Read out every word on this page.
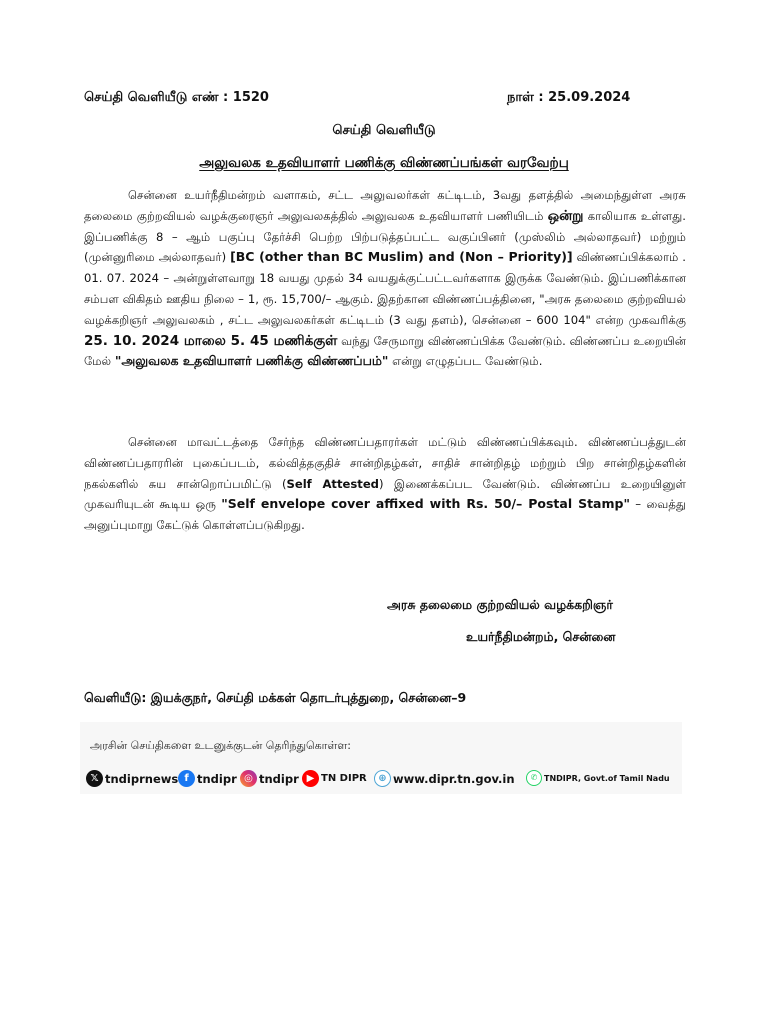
செய்தி வெளியீடு எண் : 1520	நாள் : 25.09.2024
செய்தி வெளியீடு
அலுவலக உதவியாளர் பணிக்கு விண்ணப்பங்கள் வரவேற்பு

சென்னை உயர்நீதிமன்றம் வளாகம், சட்ட அலுவலர்கள் கட்டிடம், 3வது தளத்தில் அமைந்துள்ள அரசு தலைமை குற்றவியல் வழக்குரைஞர் அலுவலகத்தில் அலுவலக உதவியாளர் பணியிடம் ஒன்று காலியாக உள்ளது. இப்பணிக்கு 8 – ஆம் பகுப்பு தேர்ச்சி பெற்ற பிற்படுத்தப்பட்ட வகுப்பினர் (முஸ்லிம் அல்லாதவர்) மற்றும் (முன்னுரிமை அல்லாதவர்) [BC (other than BC Muslim) and (Non – Priority)] விண்ணப்பிக்கலாம் . 01. 07. 2024 – அன்றுள்ளவாறு 18 வயது முதல் 34 வயதுக்குட்பட்டவர்களாக இருக்க வேண்டும். இப்பணிக்கான சம்பள விகிதம் ஊதிய நிலை – 1, ரூ. 15,700/– ஆகும். இதற்கான விண்ணப்பத்தினை, "அரசு தலைமை குற்றவியல் வழக்கறிஞர் அலுவலகம் , சட்ட அலுவலகர்கள் கட்டிடம் (3 வது தளம்), சென்னை – 600 104" என்ற முகவரிக்கு 25. 10. 2024 மாலை 5. 45 மணிக்குள் வந்து சேருமாறு விண்ணப்பிக்க வேண்டும். விண்ணப்ப உறையின் மேல் "அலுவலக உதவியாளர் பணிக்கு விண்ணப்பம்" என்று எழுதப்பட வேண்டும்.

சென்னை மாவட்டத்தை சேர்ந்த விண்ணப்பதாரர்கள் மட்டும் விண்ணப்பிக்கவும். விண்ணப்பத்துடன் விண்ணப்பதாரரின் புகைப்படம், கல்வித்தகுதிச் சான்றிதழ்கள், சாதிச் சான்றிதழ் மற்றும் பிற சான்றிதழ்களின் நகல்களில் சுய சான்றொப்பமிட்டு (Self Attested) இணைக்கப்பட வேண்டும். விண்ணப்ப உறையினுள் முகவரியுடன் கூடிய ஒரு "Self envelope cover affixed with Rs. 50/– Postal Stamp" – வைத்து அனுப்புமாறு கேட்டுக் கொள்ளப்படுகிறது.

அரசு தலைமை குற்றவியல் வழக்கறிஞர்
உயர்நீதிமன்றம், சென்னை
வெளியீடு: இயக்குநர், செய்தி மக்கள் தொடர்புத்துறை, சென்னை–9
அரசின் செய்திகளை உடனுக்குடன் தெரிந்துகொள்ள:
𝕏 tndiprnews f tndipr ◎ tndipr ▶ TN DIPR	⊕ www.dipr.tn.gov.in	✆ TNDIPR, Govt.of Tamil Nadu
